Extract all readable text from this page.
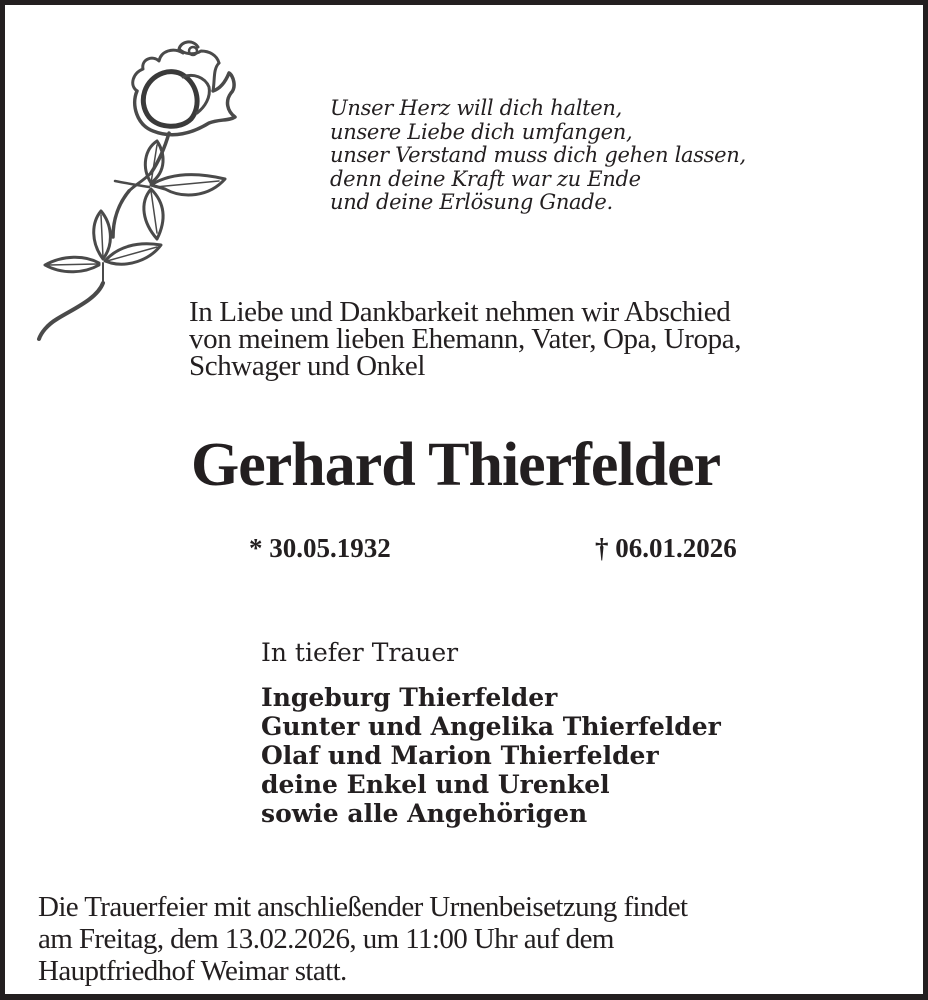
Unser Herz will dich halten,
unsere Liebe dich umfangen,
unser Verstand muss dich gehen lassen,
denn deine Kraft war zu Ende
und deine Erlösung Gnade.
In Liebe und Dankbarkeit nehmen wir Abschied
von meinem lieben Ehemann, Vater, Opa, Uropa,
Schwager und Onkel
Gerhard Thierfelder
* 30.05.1932	† 06.01.2026
In tiefer Trauer
Ingeburg Thierfelder
Gunter und Angelika Thierfelder
Olaf und Marion Thierfelder
deine Enkel und Urenkel
sowie alle Angehörigen
Die Trauerfeier mit anschließender Urnenbeisetzung findet
am Freitag, dem 13.02.2026, um 11:00 Uhr auf dem
Hauptfriedhof Weimar statt.
